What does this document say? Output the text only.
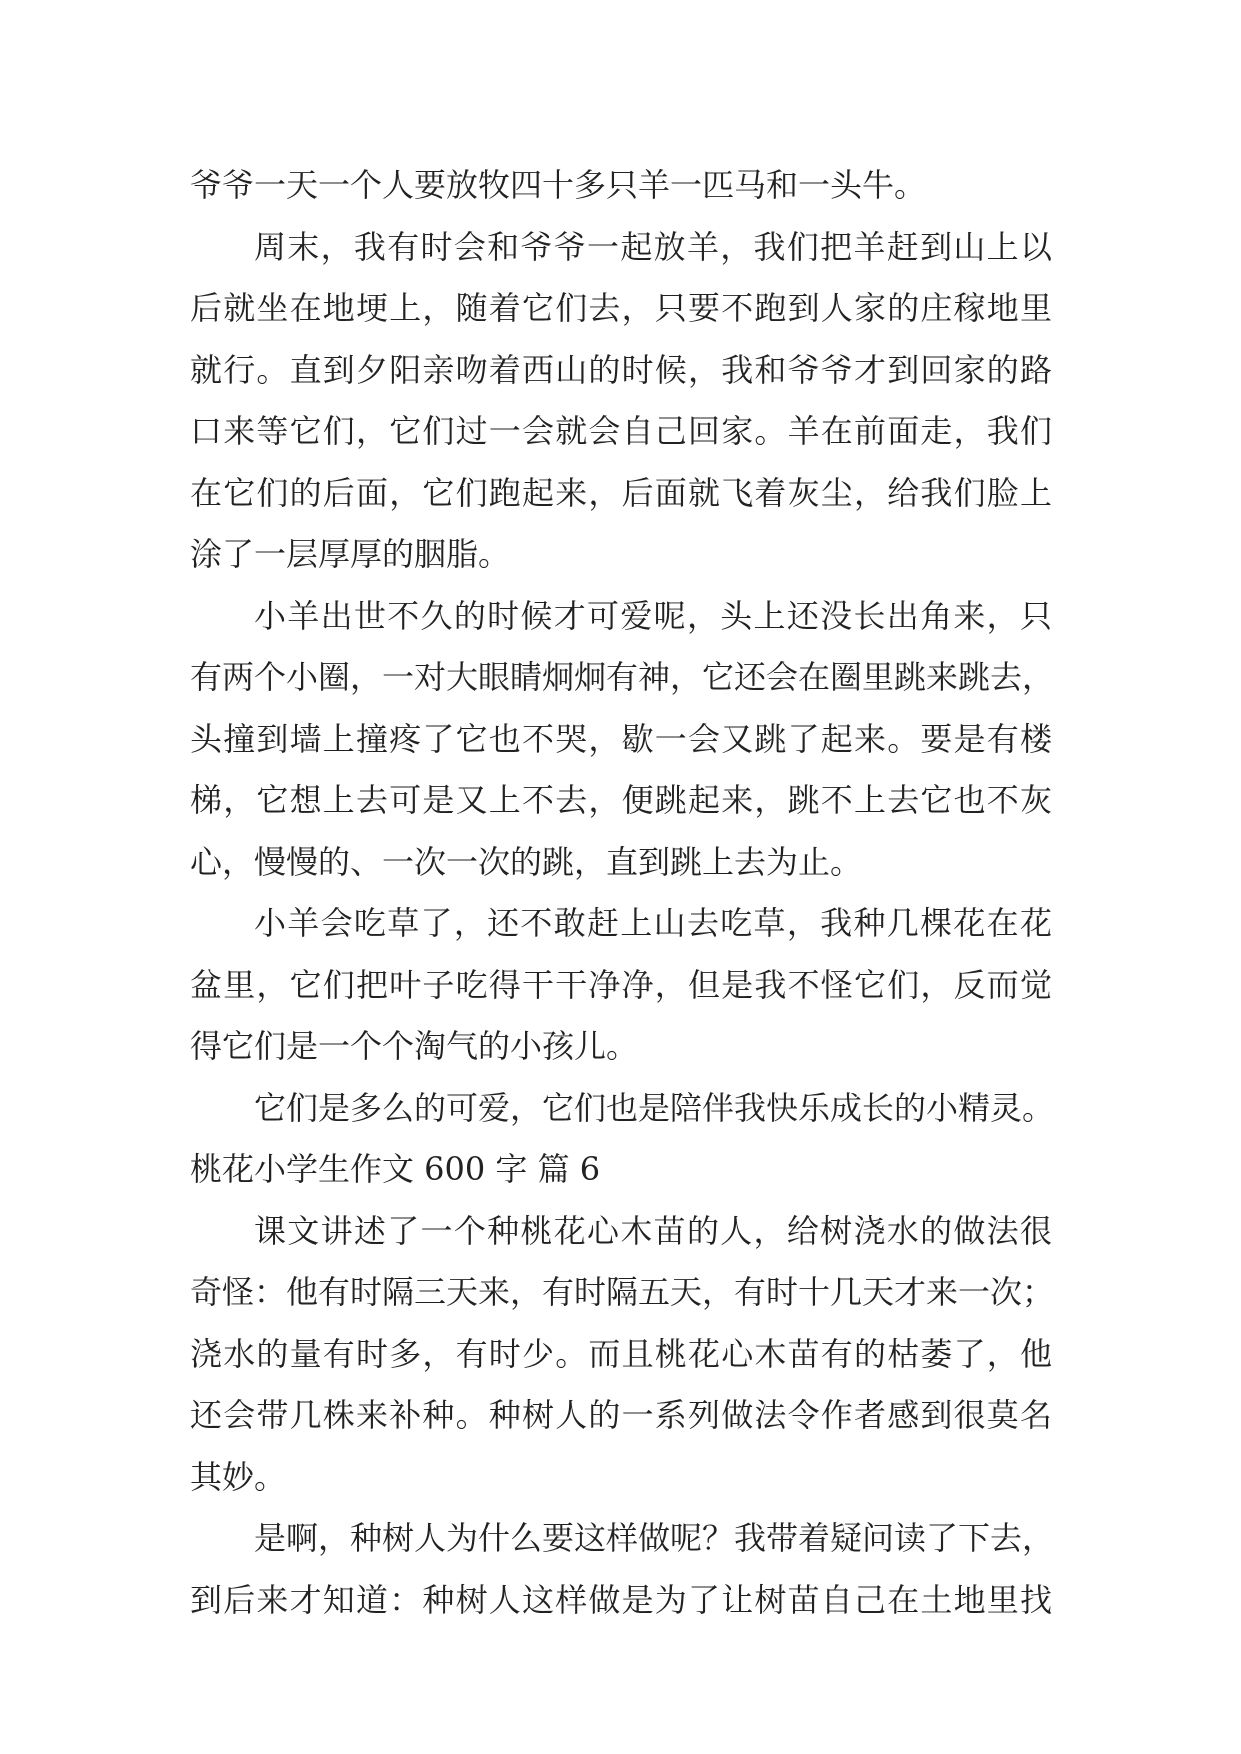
爷爷一天一个人要放牧四十多只羊一匹马和一头牛。
周末，我有时会和爷爷一起放羊，我们把羊赶到山上以
后就坐在地埂上，随着它们去，只要不跑到人家的庄稼地里
就行。直到夕阳亲吻着西山的时候，我和爷爷才到回家的路
口来等它们，它们过一会就会自己回家。羊在前面走，我们
在它们的后面，它们跑起来，后面就飞着灰尘，给我们脸上
涂了一层厚厚的胭脂。
小羊出世不久的时候才可爱呢，头上还没长出角来，只
有两个小圈，一对大眼睛炯炯有神，它还会在圈里跳来跳去，
头撞到墙上撞疼了它也不哭，歇一会又跳了起来。要是有楼
梯，它想上去可是又上不去，便跳起来，跳不上去它也不灰
心，慢慢的、一次一次的跳，直到跳上去为止。
小羊会吃草了，还不敢赶上山去吃草，我种几棵花在花
盆里，它们把叶子吃得干干净净，但是我不怪它们，反而觉
得它们是一个个淘气的小孩儿。
它们是多么的可爱，它们也是陪伴我快乐成长的小精灵。
桃花小学生作文 600 字 篇 6
课文讲述了一个种桃花心木苗的人，给树浇水的做法很
奇怪：他有时隔三天来，有时隔五天，有时十几天才来一次；
浇水的量有时多，有时少。而且桃花心木苗有的枯萎了，他
还会带几株来补种。种树人的一系列做法令作者感到很莫名
其妙。
是啊，种树人为什么要这样做呢？我带着疑问读了下去，
到后来才知道：种树人这样做是为了让树苗自己在土地里找
